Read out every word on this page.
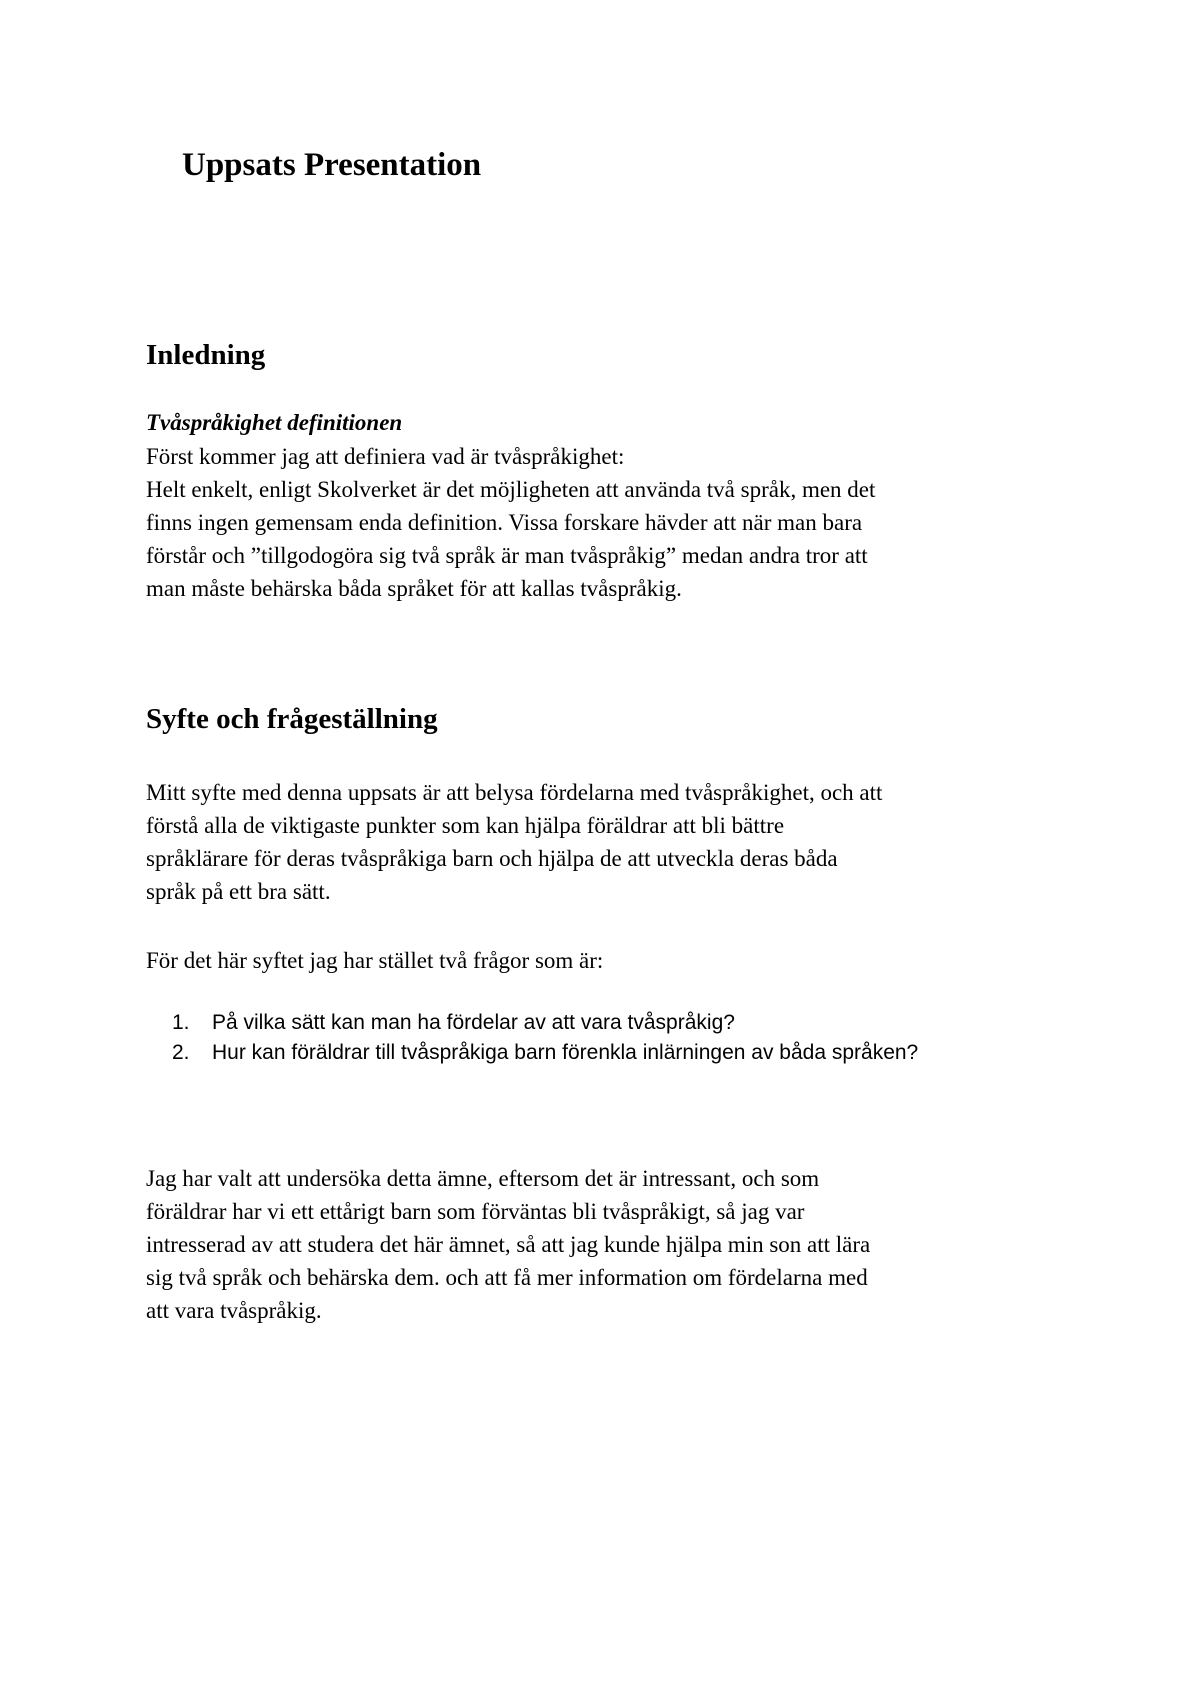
Uppsats Presentation
Inledning
Tvåspråkighet definitionen

Först kommer jag att definiera vad är tvåspråkighet:
Helt enkelt, enligt Skolverket är det möjligheten att använda två språk, men det
finns ingen gemensam enda definition. Vissa forskare hävder att när man bara
förstår och ”tillgodogöra sig två språk är man tvåspråkig” medan andra tror att
man måste behärska båda språket för att kallas tvåspråkig.

Syfte och frågeställning

Mitt syfte med denna uppsats är att belysa fördelarna med tvåspråkighet, och att
förstå alla de viktigaste punkter som kan hjälpa föräldrar att bli bättre
språklärare för deras tvåspråkiga barn och hjälpa de att utveckla deras båda
språk på ett bra sätt.

För det här syftet jag har stället två frågor som är:

1. På vilka sätt kan man ha fördelar av att vara tvåspråkig?
2. Hur kan föräldrar till tvåspråkiga barn förenkla inlärningen av båda språken?

Jag har valt att undersöka detta ämne, eftersom det är intressant, och som
föräldrar har vi ett ettårigt barn som förväntas bli tvåspråkigt, så jag var
intresserad av att studera det här ämnet, så att jag kunde hjälpa min son att lära
sig två språk och behärska dem. och att få mer information om fördelarna med
att vara tvåspråkig.
